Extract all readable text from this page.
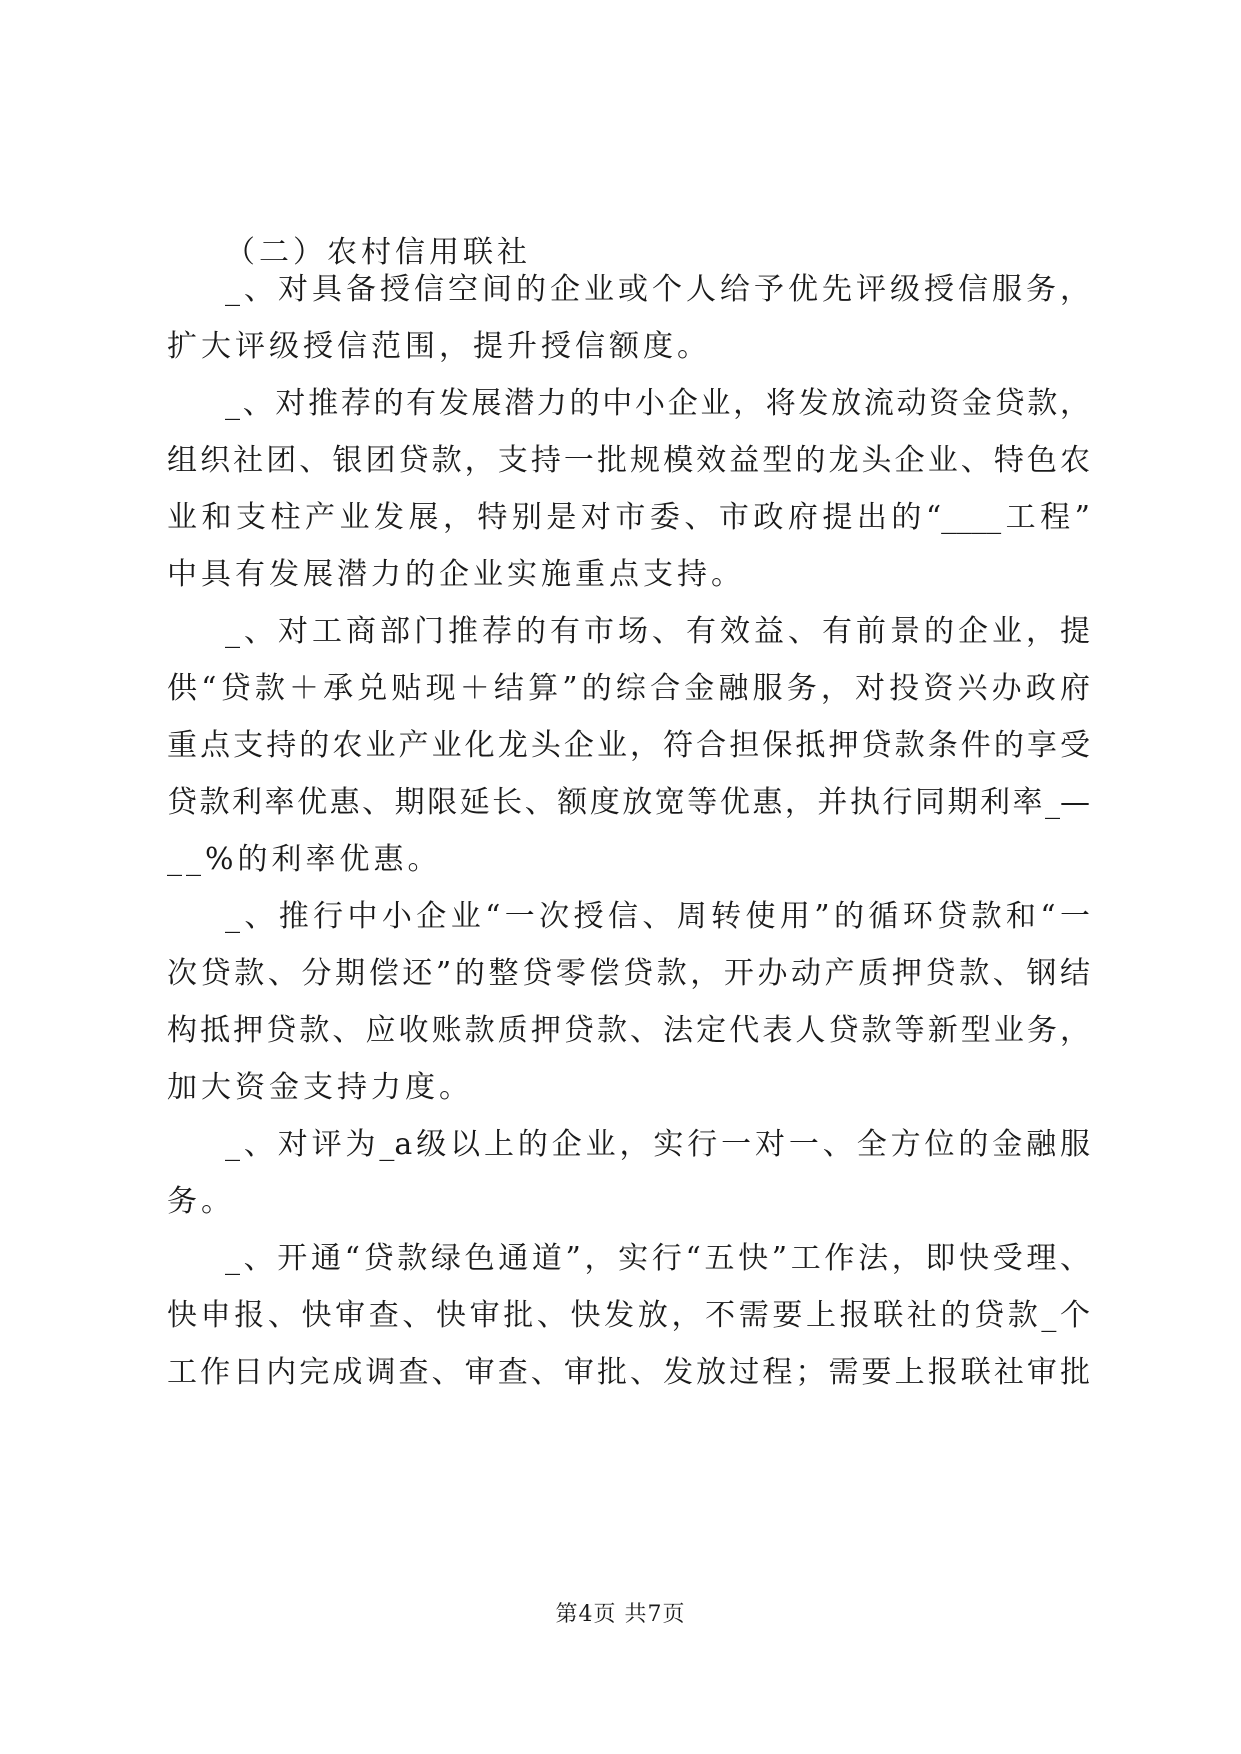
（二）农村信用联社
_、对具备授信空间的企业或个人给予优先评级授信服务，
扩大评级授信范围，提升授信额度。
_、对推荐的有发展潜力的中小企业，将发放流动资金贷款，
组织社团、银团贷款，支持一批规模效益型的龙头企业、特色农
业和支柱产业发展，特别是对市委、市政府提出的“____工程”
中具有发展潜力的企业实施重点支持。
_、对工商部门推荐的有市场、有效益、有前景的企业，提
供“贷款＋承兑贴现＋结算”的综合金融服务，对投资兴办政府
重点支持的农业产业化龙头企业，符合担保抵押贷款条件的享受
贷款利率优惠、期限延长、额度放宽等优惠，并执行同期利率_—
__%的利率优惠。
_、推行中小企业“一次授信、周转使用”的循环贷款和“一
次贷款、分期偿还”的整贷零偿贷款，开办动产质押贷款、钢结
构抵押贷款、应收账款质押贷款、法定代表人贷款等新型业务，
加大资金支持力度。
_、对评为_a级以上的企业，实行一对一、全方位的金融服
务。
_、开通“贷款绿色通道”，实行“五快”工作法，即快受理、
快申报、快审查、快审批、快发放，不需要上报联社的贷款_个
工作日内完成调查、审查、审批、发放过程；需要上报联社审批
第4页 共7页
